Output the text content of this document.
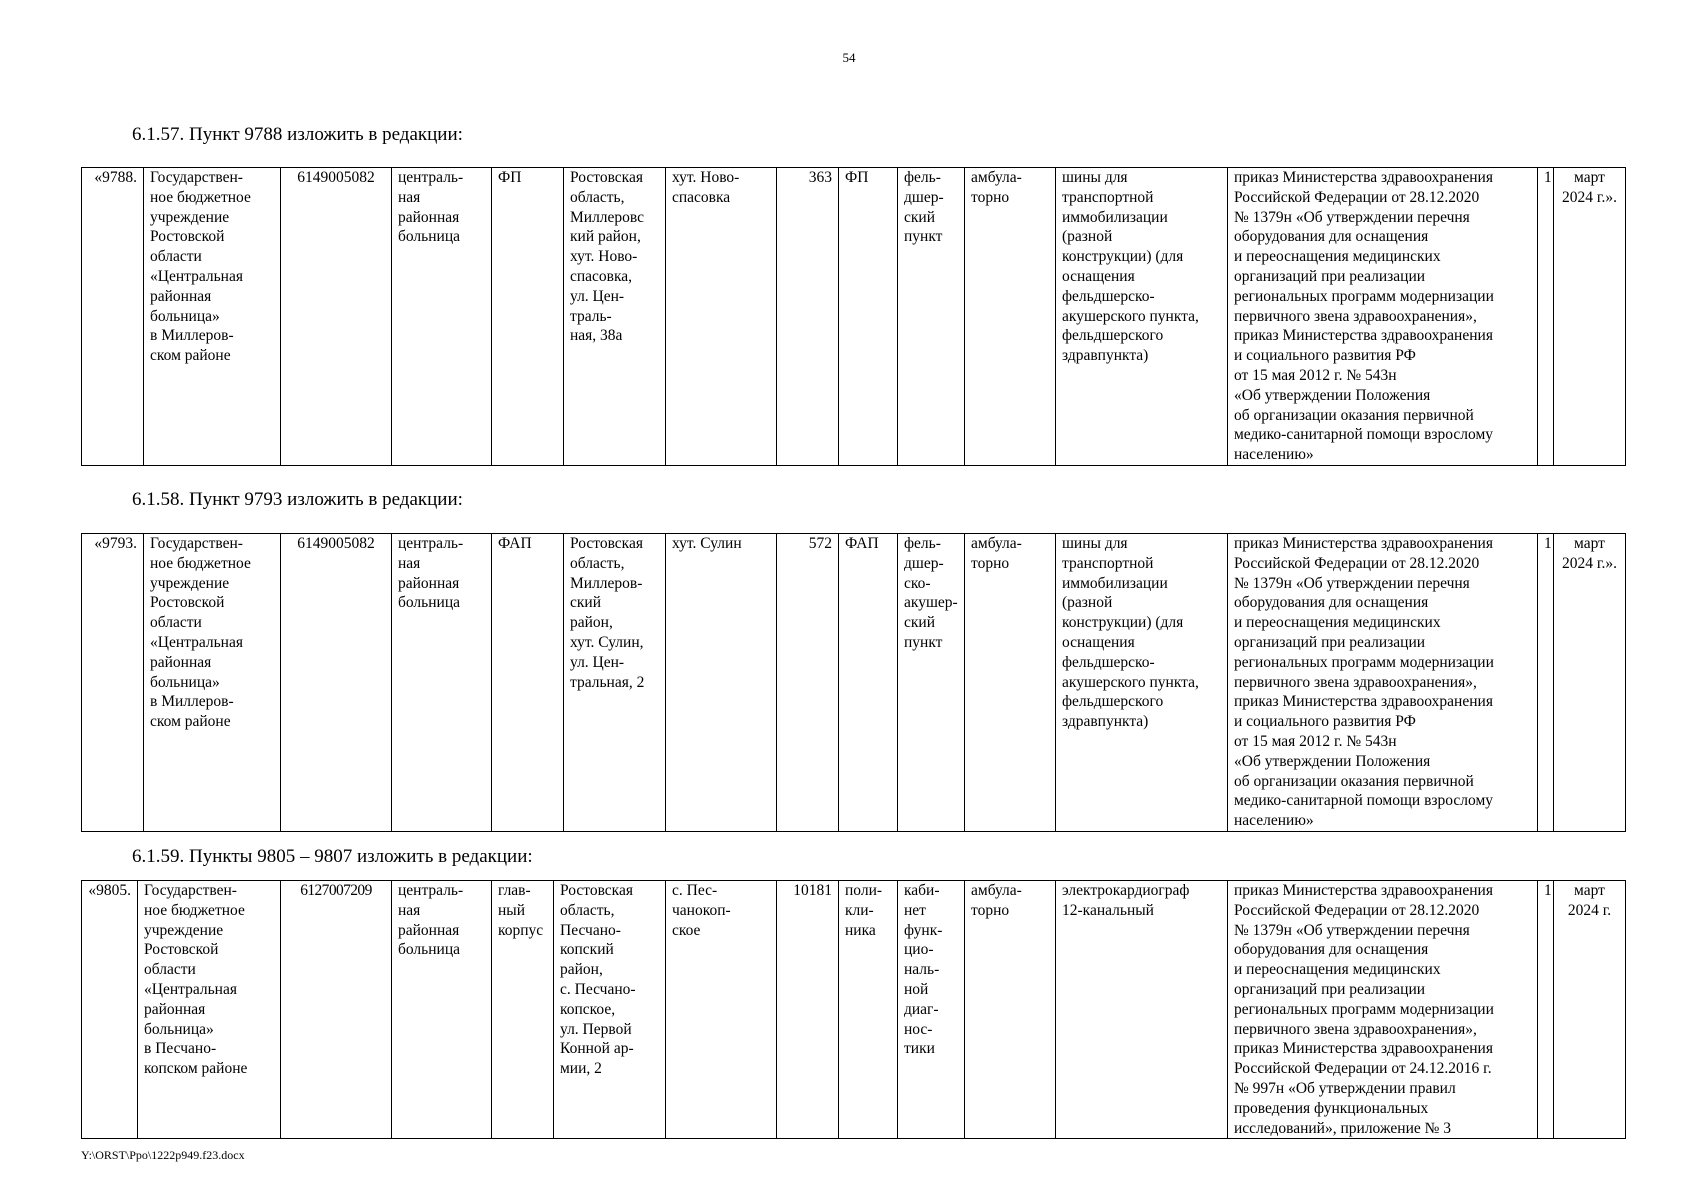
54
6.1.57. Пункт 9788 изложить в редакции:
«9788.	Государствен-
ное бюджетное
учреждение
Ростовской
области
«Центральная
районная
больница»
в Миллеров-
ском районе	6149005082	централь-
ная
районная
больница	ФП	Ростовская
область,
Миллеровс
кий район,
хут. Ново-
спасовка,
ул. Цен-
траль-
ная, 38а	хут. Ново-
спасовка	363	ФП	фель-
дшер-
ский
пункт	амбула-
торно	шины для
транспортной
иммобилизации
(разной
конструкции) (для
оснащения
фельдшерско-
акушерского пункта,
фельдшерского
здравпункта)	приказ Министерства здравоохранения
Российской Федерации от 28.12.2020
№ 1379н «Об утверждении перечня
оборудования для оснащения
и переоснащения медицинских
организаций при реализации
региональных программ модернизации
первичного звена здравоохранения»,
приказ Министерства здравоохранения
и социального развития РФ
от 15 мая 2012 г. № 543н
«Об утверждении Положения
об организации оказания первичной
медико-санитарной помощи взрослому
населению»	1	март
2024 г.».
6.1.58. Пункт 9793 изложить в редакции:
«9793.	Государствен-
ное бюджетное
учреждение
Ростовской
области
«Центральная
районная
больница»
в Миллеров-
ском районе	6149005082	централь-
ная
районная
больница	ФАП	Ростовская
область,
Миллеров-
ский
район,
хут. Сулин,
ул. Цен-
тральная, 2	хут. Сулин	572	ФАП	фель-
дшер-
ско-
акушер-
ский
пункт	амбула-
торно	шины для
транспортной
иммобилизации
(разной
конструкции) (для
оснащения
фельдшерско-
акушерского пункта,
фельдшерского
здравпункта)	приказ Министерства здравоохранения
Российской Федерации от 28.12.2020
№ 1379н «Об утверждении перечня
оборудования для оснащения
и переоснащения медицинских
организаций при реализации
региональных программ модернизации
первичного звена здравоохранения»,
приказ Министерства здравоохранения
и социального развития РФ
от 15 мая 2012 г. № 543н
«Об утверждении Положения
об организации оказания первичной
медико-санитарной помощи взрослому
населению»	1	март
2024 г.».
6.1.59. Пункты 9805 – 9807 изложить в редакции:
«9805.	Государствен-
ное бюджетное
учреждение
Ростовской
области
«Центральная
районная
больница»
в Песчано-
копском районе	6127007209	централь-
ная
районная
больница	глав-
ный
корпус	Ростовская
область,
Песчано-
копский
район,
с. Песчано-
копское,
ул. Первой
Конной ар-
мии, 2	с. Пес-
чанокоп-
ское	10181	поли-
кли-
ника	каби-
нет
функ-
цио-
наль-
ной
диаг-
нос-
тики	амбула-
торно	электрокардиограф
12-канальный	приказ Министерства здравоохранения
Российской Федерации от 28.12.2020
№ 1379н «Об утверждении перечня
оборудования для оснащения
и переоснащения медицинских
организаций при реализации
региональных программ модернизации
первичного звена здравоохранения»,
приказ Министерства здравоохранения
Российской Федерации от 24.12.2016 г.
№ 997н «Об утверждении правил
проведения функциональных
исследований», приложение № 3	1	март
2024 г.
Y:\ORST\Ppo\1222p949.f23.docx
